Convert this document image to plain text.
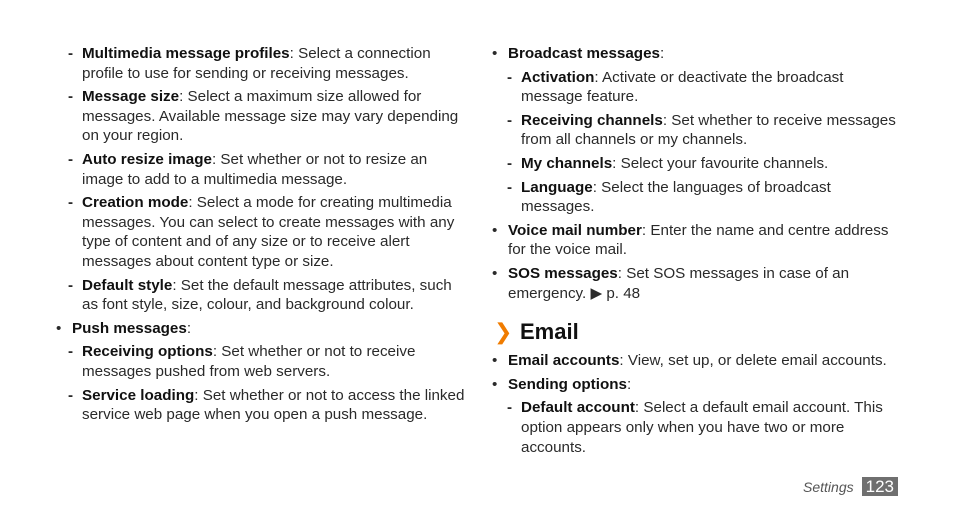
- Multimedia message profiles: Select a connection profile to use for sending or receiving messages.
- Message size: Select a maximum size allowed for messages. Available message size may vary depending on your region.
- Auto resize image: Set whether or not to resize an image to add to a multimedia message.
- Creation mode: Select a mode for creating multimedia messages. You can select to create messages with any type of content and of any size or to receive alert messages about content type or size.
- Default style: Set the default message attributes, such as font style, size, colour, and background colour.
• Push messages:
- Receiving options: Set whether or not to receive messages pushed from web servers.
- Service loading: Set whether or not to access the linked service web page when you open a push message.
• Broadcast messages:
- Activation: Activate or deactivate the broadcast message feature.
- Receiving channels: Set whether to receive messages from all channels or my channels.
- My channels: Select your favourite channels.
- Language: Select the languages of broadcast messages.
• Voice mail number: Enter the name and centre address for the voice mail.
• SOS messages: Set SOS messages in case of an emergency. ▶ p. 48
❯ Email
• Email accounts: View, set up, or delete email accounts.
• Sending options:
- Default account: Select a default email account. This option appears only when you have two or more accounts.
Settings 123
